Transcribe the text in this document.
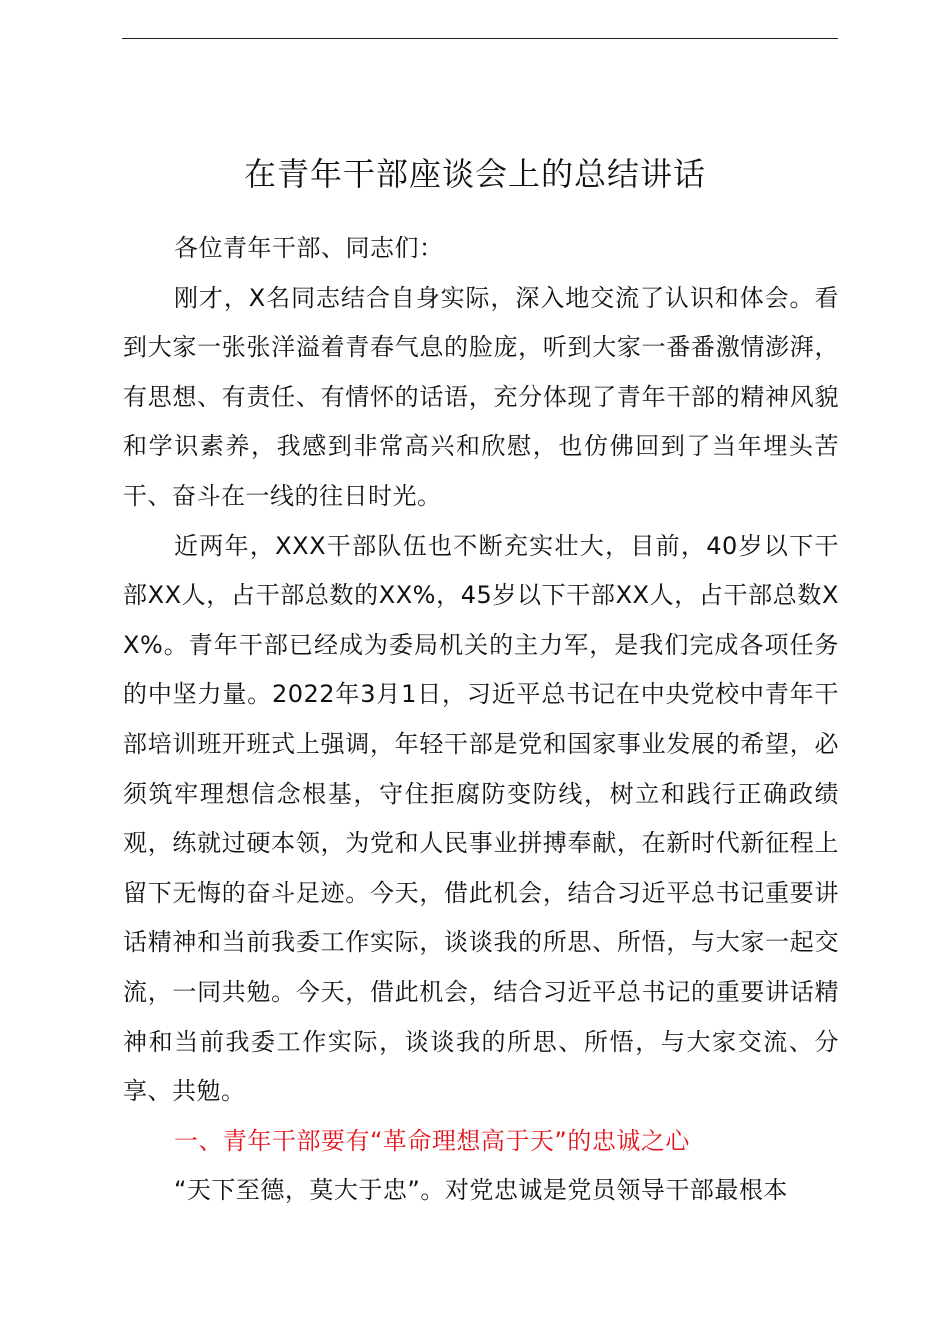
在青年干部座谈会上的总结讲话

各位青年干部、同志们：

刚才，X名同志结合自身实际，深入地交流了认识和体会。看到大家一张张洋溢着青春气息的脸庞，听到大家一番番激情澎湃，有思想、有责任、有情怀的话语，充分体现了青年干部的精神风貌和学识素养，我感到非常高兴和欣慰，也仿佛回到了当年埋头苦干、奋斗在一线的往日时光。

近两年，XXX干部队伍也不断充实壮大，目前，40岁以下干部XX人，占干部总数的XX%，45岁以下干部XX人，占干部总数XX%。青年干部已经成为委局机关的主力军，是我们完成各项任务的中坚力量。2022年3月1日，习近平总书记在中央党校中青年干部培训班开班式上强调，年轻干部是党和国家事业发展的希望，必须筑牢理想信念根基，守住拒腐防变防线，树立和践行正确政绩观，练就过硬本领，为党和人民事业拼搏奉献，在新时代新征程上留下无悔的奋斗足迹。今天，借此机会，结合习近平总书记重要讲话精神和当前我委工作实际，谈谈我的所思、所悟，与大家一起交流，一同共勉。今天，借此机会，结合习近平总书记的重要讲话精神和当前我委工作实际，谈谈我的所思、所悟，与大家交流、分享、共勉。

一、青年干部要有“革命理想高于天”的忠诚之心

“天下至德，莫大于忠”。对党忠诚是党员领导干部最根本
